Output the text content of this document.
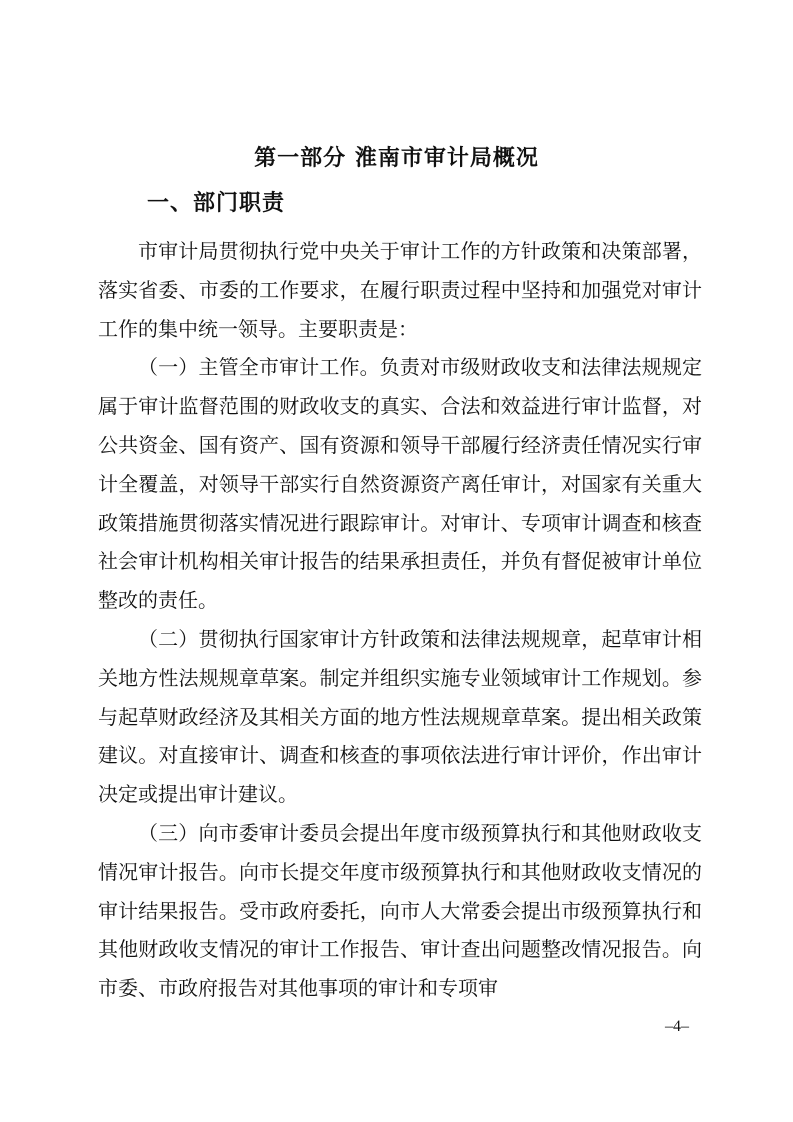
第一部分 淮南市审计局概况
一、部门职责

市审计局贯彻执行党中央关于审计工作的方针政策和决策部署，落实省委、市委的工作要求，在履行职责过程中坚持和加强党对审计工作的集中统一领导。主要职责是：

（一）主管全市审计工作。负责对市级财政收支和法律法规规定属于审计监督范围的财政收支的真实、合法和效益进行审计监督，对公共资金、国有资产、国有资源和领导干部履行经济责任情况实行审计全覆盖，对领导干部实行自然资源资产离任审计，对国家有关重大政策措施贯彻落实情况进行跟踪审计。对审计、专项审计调查和核查社会审计机构相关审计报告的结果承担责任，并负有督促被审计单位整改的责任。

（二）贯彻执行国家审计方针政策和法律法规规章，起草审计相关地方性法规规章草案。制定并组织实施专业领域审计工作规划。参与起草财政经济及其相关方面的地方性法规规章草案。提出相关政策建议。对直接审计、调查和核查的事项依法进行审计评价，作出审计决定或提出审计建议。

（三）向市委审计委员会提出年度市级预算执行和其他财政收支情况审计报告。向市长提交年度市级预算执行和其他财政收支情况的审计结果报告。受市政府委托，向市人大常委会提出市级预算执行和其他财政收支情况的审计工作报告、审计查出问题整改情况报告。向市委、市政府报告对其他事项的审计和专项审

–4–
